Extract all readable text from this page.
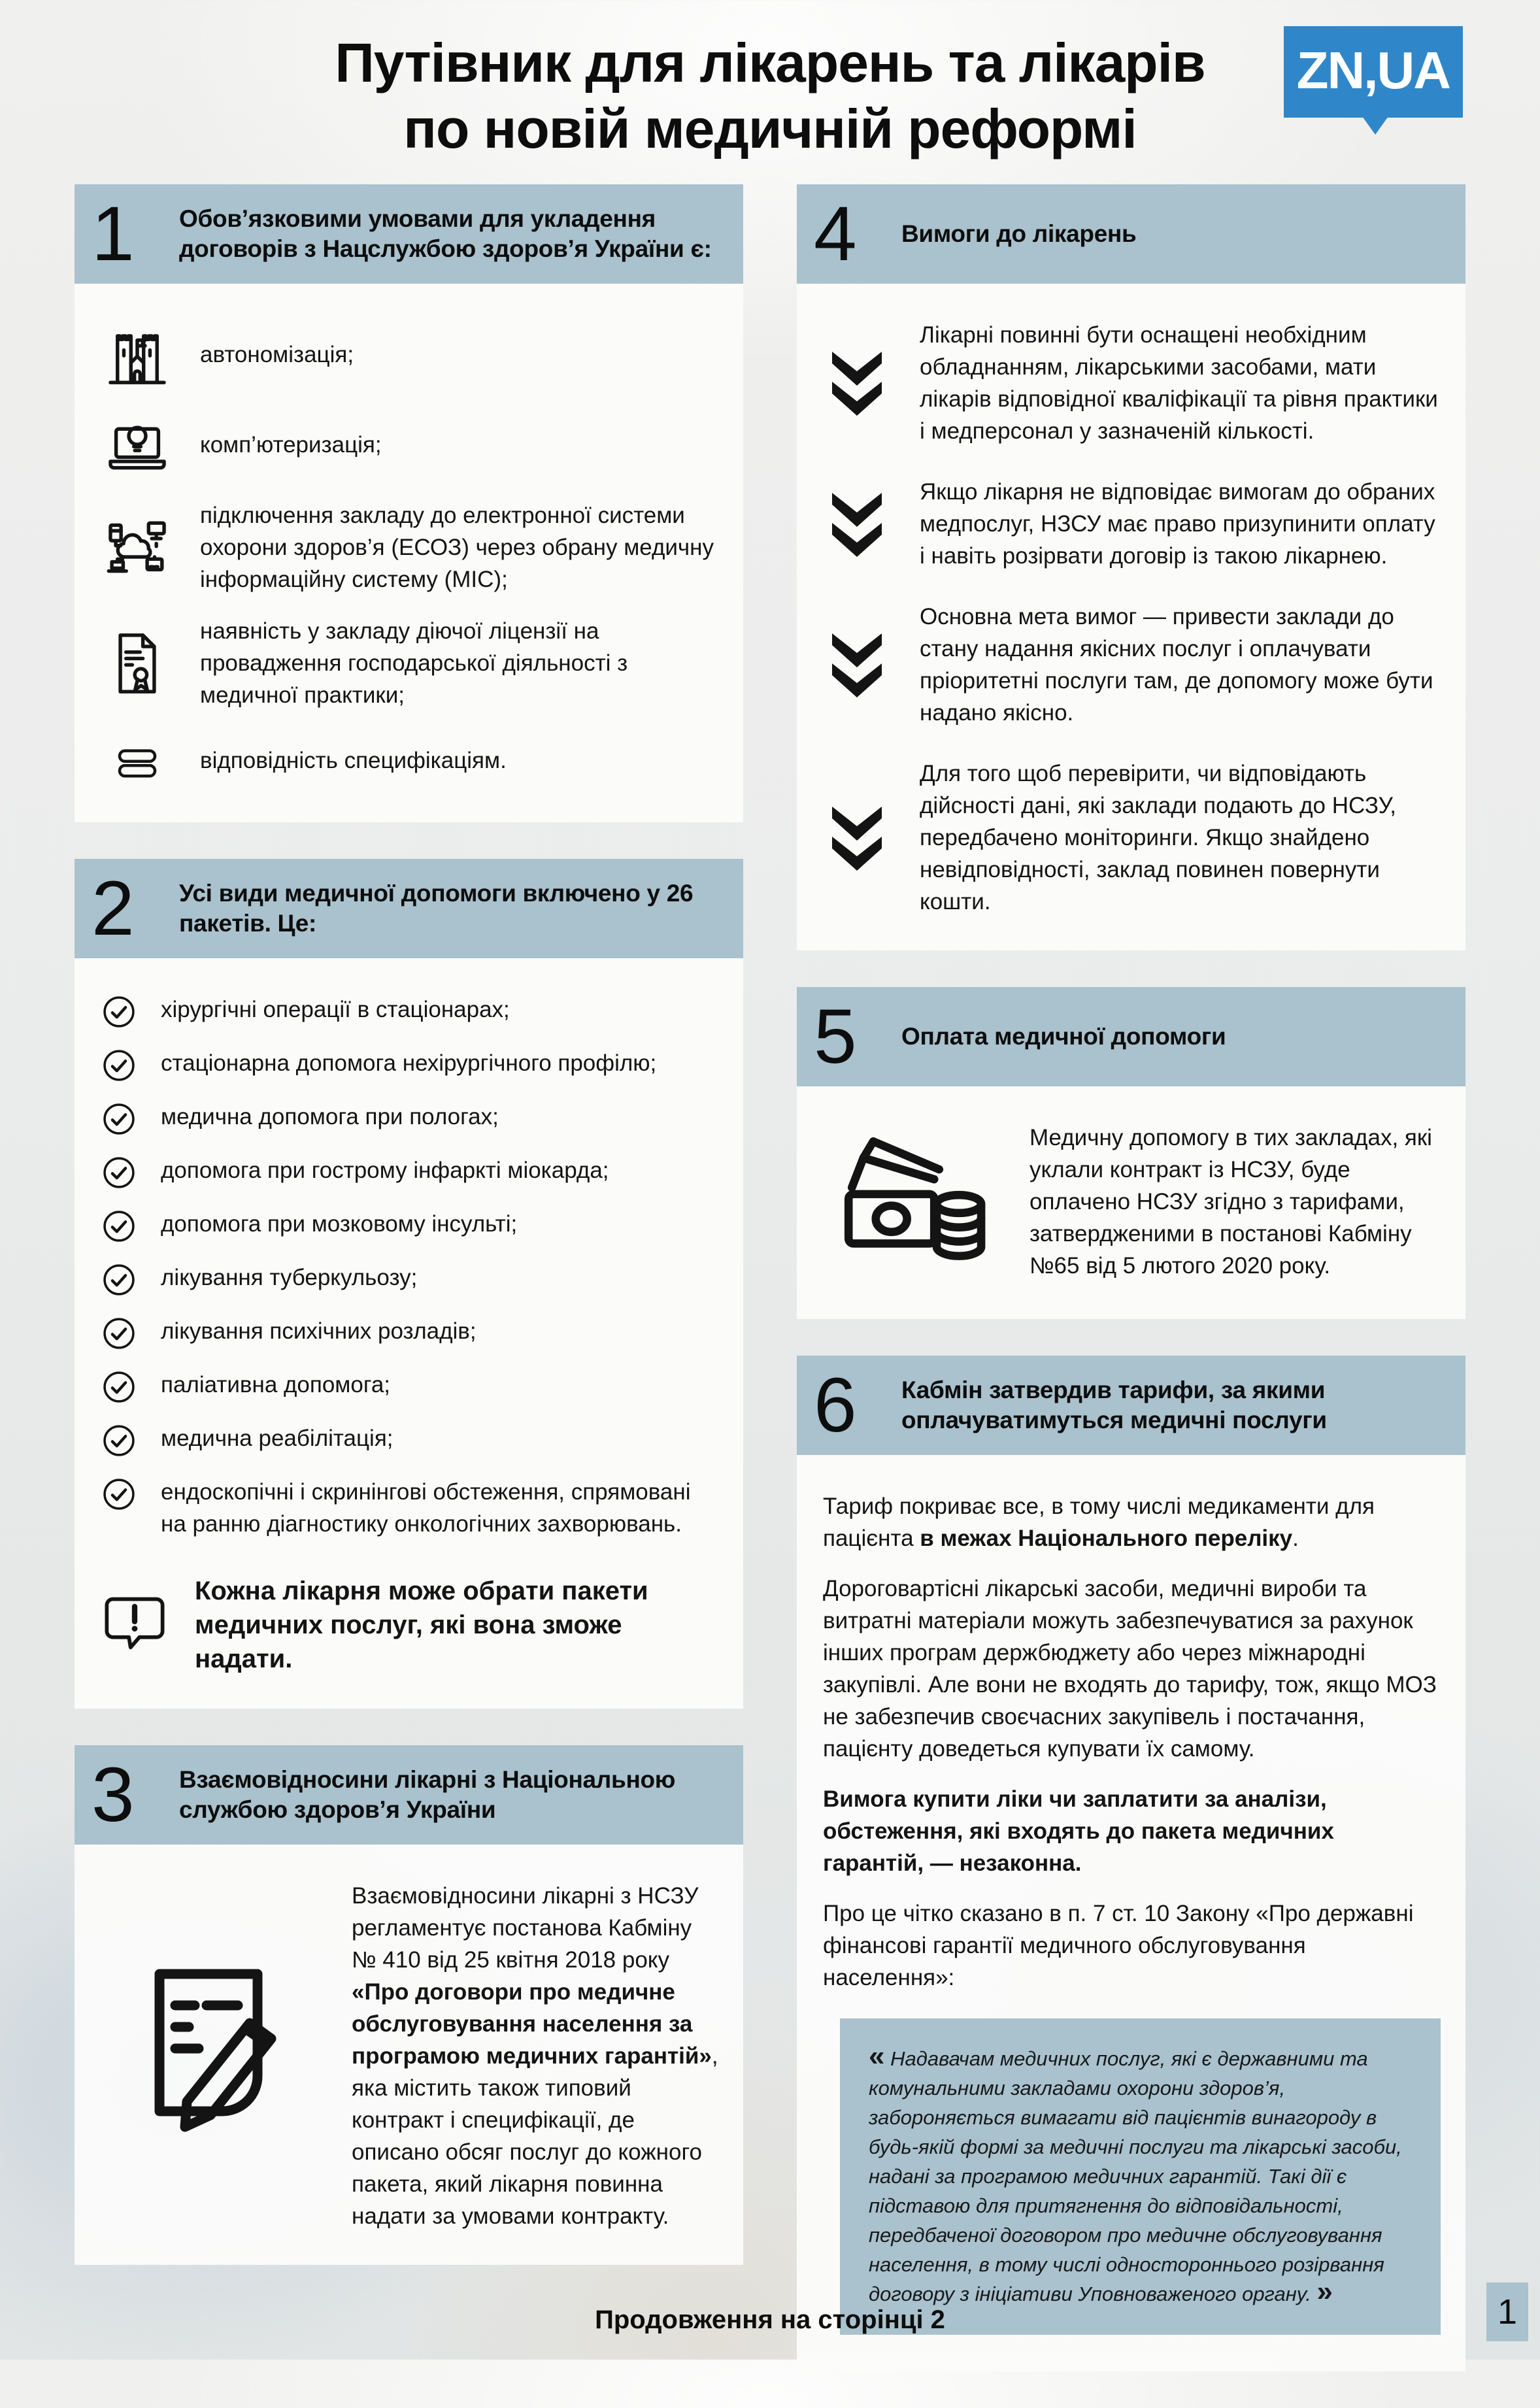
Путівник для лікарень та лікарів
по новій медичній реформі
ZN,UA
1	Обов’язковими умовами для укладення договорів з Нацслужбою здоров’я України є:
автономізація;
комп’ютеризація;
підключення закладу до електронної системи охорони здоров’я (ЕСОЗ) через обрану медичну інформаційну систему (МІС);
наявність у закладу діючої ліцензії на провадження господарської діяльності з медичної практики;
відповідність специфікаціям.
2	Усі види медичної допомоги включено у 26 пакетів. Це:
хірургічні операції в стаціонарах;
стаціонарна допомога нехірургічного профілю;
медична допомога при пологах;
допомога при гострому інфаркті міокарда;
допомога при мозковому інсульті;
лікування туберкульозу;
лікування психічних розладів;
паліативна допомога;
медична реабілітація;
ендоскопічні і скринінгові обстеження, спрямовані на ранню діагностику онкологічних захворювань.
Кожна лікарня може обрати пакети медичних послуг, які вона зможе надати.
3	Взаємовідносини лікарні з Національною службою здоров’я України
Взаємовідносини лікарні з НСЗУ регламентує постанова Кабміну № 410 від 25 квітня 2018 року «Про договори про медичне обслуговування населення за програмою медичних гарантій», яка містить також типовий контракт і специфікації, де описано обсяг послуг до кожного пакета, який лікарня повинна надати за умовами контракту.
4	Вимоги до лікарень
Лікарні повинні бути оснащені необхідним обладнанням, лікарськими засобами, мати лікарів відповідної кваліфікації та рівня практики і медперсонал у зазначеній кількості.
Якщо лікарня не відповідає вимогам до обраних медпослуг, НЗСУ має право призупинити оплату і навіть розірвати договір із такою лікарнею.
Основна мета вимог — привести заклади до стану надання якісних послуг і оплачувати пріоритетні послуги там, де допомогу може бути надано якісно.
Для того щоб перевірити, чи відповідають дійсності дані, які заклади подають до НСЗУ, передбачено моніторинги. Якщо знайдено невідповідності, заклад повинен повернути кошти.
5	Оплата медичної допомоги
Медичну допомогу в тих закладах, які уклали контракт із НСЗУ, буде оплачено НСЗУ згідно з тарифами, затвердженими в постанові Кабміну №65 від 5 лютого 2020 року.
6	Кабмін затвердив тарифи, за якими оплачуватимуться медичні послуги

Тариф покриває все, в тому числі медикаменти для пацієнта в межах Національного переліку.

Дороговартісні лікарські засоби, медичні вироби та витратні матеріали можуть забезпечуватися за рахунок інших програм держбюджету або через міжнародні закупівлі. Але вони не входять до тарифу, тож, якщо МОЗ не забезпечив своєчасних закупівель і постачання, пацієнту доведеться купувати їх самому.

Вимога купити ліки чи заплатити за аналізи, обстеження, які входять до пакета медичних гарантій, — незаконна.

Про це чітко сказано в п. 7 ст. 10 Закону «Про державні фінансові гарантії медичного обслуговування населення»:

« Надавачам медичних послуг, які є державними та комунальними закладами охорони здоров’я, забороняється вимагати від пацієнтів винагороду в будь-якій формі за медичні послуги та лікарські засоби, надані за програмою медичних гарантій. Такі дії є підставою для притягнення до відповідальності, передбаченої договором про медичне обслуговування населення, в тому числі одностороннього розірвання договору з ініціативи Уповноваженого органу. »
Продовження на сторінці 2	1
